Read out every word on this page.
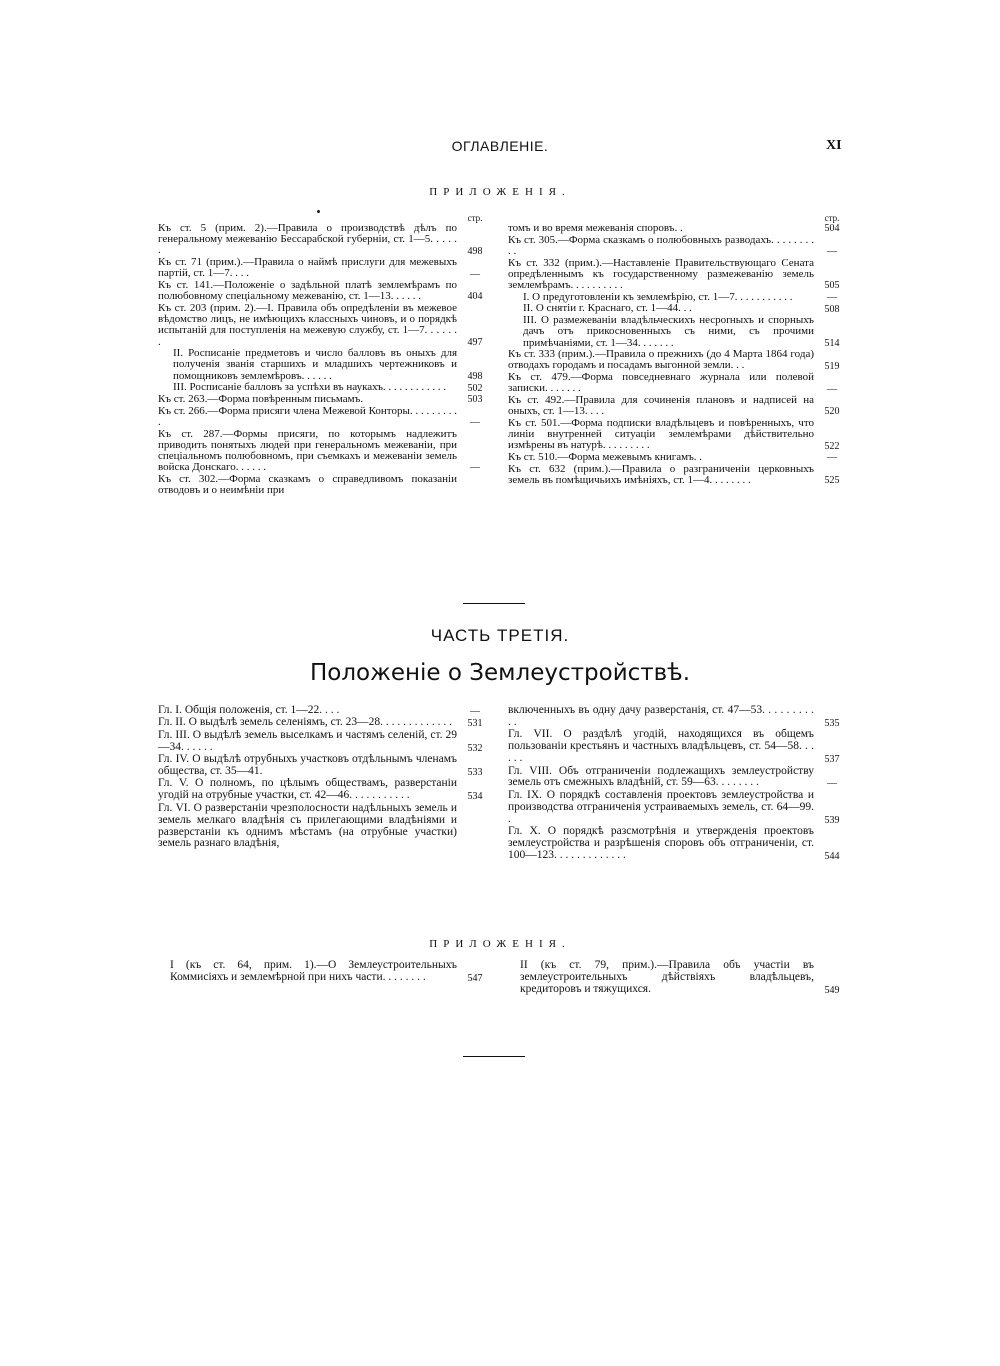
ОГЛАВЛЕНІЕ.	XI
ПРИЛОЖЕНІЯ.
стр.
Къ ст. 5 (прим. 2).—Правила о производствѣ дѣлъ по генеральному межеванію Бессарабской губерніи, ст. 1—5. . . . . .	498
Къ ст. 71 (прим.).—Правила о наймѣ прислуги для межевыхъ партій, ст. 1—7. . . .	—
Къ ст. 141.—Положеніе о задѣльной платѣ землемѣрамъ по полюбовному спеціальному межеванію, ст. 1—13. . . . . .	404
Къ ст. 203 (прим. 2).—I. Правила объ опредѣленіи въ межевое вѣдомство лицъ, не имѣющихъ классныхъ чиновъ, и о порядкѣ испытаній для поступленія на межевую службу, ст. 1—7. . . . . . .	497
II. Росписаніе предметовъ и число балловъ въ оныхъ для полученія званія старшихъ и младшихъ чертежниковъ и помощниковъ землемѣровъ. . . . . .	498
III. Росписаніе балловъ за успѣхи въ наукахъ. . . . . . . . . . . .	502
Къ ст. 263.—Форма повѣренным письмамъ.	503
Къ ст. 266.—Форма присяги члена Межевой Конторы. . . . . . . . . .	—
Къ ст. 287.—Формы присяги, по которымъ надлежитъ приводить понятыхъ людей при генеральномъ межеваніи, при спеціальномъ полюбовномъ, при съемкахъ и межеваніи земель войска Донскаго. . . . . .	—
Къ ст. 302.—Форма сказкамъ о справедливомъ показаніи отводовъ и о неимѣніи при
стр.
томъ и во время межеванія споровъ. .	504
Къ ст. 305.—Форма сказкамъ о полюбовныхъ разводахъ. . . . . . . . . .	—
Къ ст. 332 (прим.).—Наставленіе Правительствующаго Сената опредѣленнымъ къ государственному размежеванію земель землемѣрамъ. . . . . . . . . .	505
I. О предуготовленіи къ землемѣрію, ст. 1—7. . . . . . . . . . .	—
II. О снятіи г. Краснаго, ст. 1—44. . .	508
III. О размежеваніи владѣльческихъ несporныхъ и спорныхъ дачъ отъ прикосновенныхъ съ ними, съ прочими примѣчаніями, ст. 1—34. . . . . . .	514
Къ ст. 333 (прим.).—Правила о прежнихъ (до 4 Марта 1864 года) отводахъ городамъ и посадамъ выгонной земли. . .	519
Къ ст. 479.—Форма повседневнаго журнала или полевой записки. . . . . . .	—
Къ ст. 492.—Правила для сочиненія плановъ и надписей на оныхъ, ст. 1—13. . . .	520
Къ ст. 501.—Форма подписки владѣльцевъ и повѣренныхъ, что линіи внутренней ситуаціи землемѣрами дѣйствительно измѣрены въ натурѣ. . . . . . . . .	522
Къ ст. 510.—Форма межевымъ книгамъ. .	—
Къ ст. 632 (прим.).—Правила о разграниченіи церковныхъ земель въ помѣщичьихъ имѣніяхъ, ст. 1—4. . . . . . . .	525
ЧАСТЬ ТРЕТІЯ.
Положеніе о Землеустройствѣ.
Гл. I. Общія положенія, ст. 1—22. . . .	—
Гл. II. О выдѣлѣ земель селеніямъ, ст. 23—28. . . . . . . . . . . . .	531
Гл. III. О выдѣлѣ земель выселкамъ и частямъ селеній, ст. 29—34. . . . . .	532
Гл. IV. О выдѣлѣ отрубныхъ участковъ отдѣльнымъ членамъ общества, ст. 35—41.	533
Гл. V. О полномъ, по цѣлымъ обществамъ, разверстаніи угодій на отрубные участки, ст. 42—46. . . . . . . . . . .	534
Гл. VI. О разверстаніи чрезполосности надѣльныхъ земель и земель мелкаго владѣнія съ прилегающими владѣніями и разверстаніи къ однимъ мѣстамъ (на отрубные участки) земель разнаго владѣнія,
включенныхъ въ одну дачу разверстанія, ст. 47—53. . . . . . . . . . .	535
Гл. VII. О раздѣлѣ угодій, находящихся въ общемъ пользованіи крестьянъ и частныхъ владѣльцевъ, ст. 54—58. . . . . .	537
Гл. VIII. Объ отграниченіи подлежащихъ землеустройству земель отъ смежныхъ владѣній, ст. 59—63. . . . . . . .	—
Гл. IX. О порядкѣ составленія проектовъ землеустройства и производства отграниченія устраиваемыхъ земель, ст. 64—99. .	539
Гл. X. О порядкѣ разсмотрѣнія и утвержденія проектовъ землеустройства и разрѣшенія споровъ объ отграниченіи, ст. 100—123. . . . . . . . . . . . .	544
ПРИЛОЖЕНІЯ.
I (къ ст. 64, прим. 1).—О Землеустроительныхъ Коммисіяхъ и землемѣрной при нихъ части. . . . . . . .	547
II (къ ст. 79, прим.).—Правила объ участіи въ землеустроительныхъ дѣйствіяхъ владѣльцевъ, кредиторовъ и тяжущихся.	549
